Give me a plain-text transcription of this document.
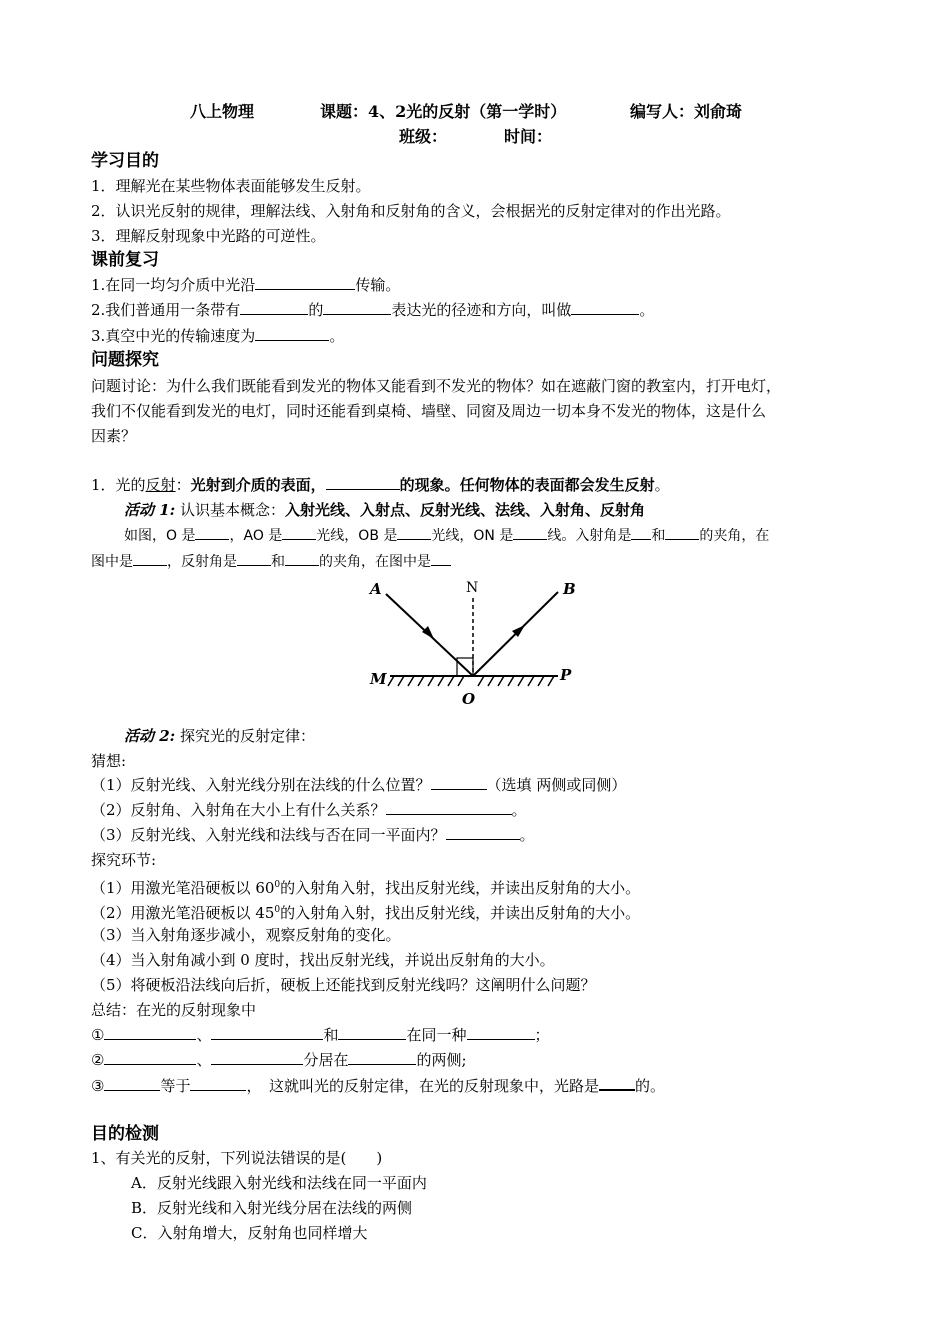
八上物理	课题：4、2光的反射（第一学时）	编写人：刘俞琦
班级：	时间：
学习目的
1．理解光在某些物体表面能够发生反射。
2．认识光反射的规律，理解法线、入射角和反射角的含义，会根据光的反射定律对的作出光路。
3．理解反射现象中光路的可逆性。
课前复习
1.在同一均匀介质中光沿	传输。
2.我们普通用一条带有	的	表达光的径迹和方向，叫做	。
3.真空中光的传输速度为	。
问题探究
问题讨论：为什么我们既能看到发光的物体又能看到不发光的物体？如在遮蔽门窗的教室内，打开电灯，
我们不仅能看到发光的电灯，同时还能看到桌椅、墙壁、同窗及周边一切本身不发光的物体，这是什么
因素？
1．光的反射：光射到介质的表面，	的现象。任何物体的表面都会发生反射。
活动 1: 认识基本概念：入射光线、入射点、反射光线、法线、入射角、反射角
如图，O 是 ，AO 是 光线，OB 是 光线，ON 是 线。入射角是 和 的夹角，在
图中是 ，反射角是 和 的夹角，在图中是
A	N	B
M
O
P
活动 2: 探究光的反射定律：
猜想:
（1）反射光线、入射光线分别在法线的什么位置？	（选填 两侧或同侧）
（2）反射角、入射角在大小上有什么关系？	。
（3）反射光线、入射光线和法线与否在同一平面内？	。
探究环节:
（1）用激光笔沿硬板以 $60^0$的入射角入射，找出反射光线，并读出反射角的大小。
（2）用激光笔沿硬板以 $45^0$的入射角入射，找出反射光线，并读出反射角的大小。
（3）当入射角逐步减小，观察反射角的变化。
（4）当入射角减小到 0 度时，找出反射光线，并说出反射角的大小。
（5）将硬板沿法线向后折，硬板上还能找到反射光线吗？这阐明什么问题？
总结：在光的反射现象中
①	、	和	在同一种	；
②	、	分居在	的两侧;
③	等于	，　这就叫光的反射定律，在光的反射现象中，光路是 的。
目的检测
1、有关光的反射，下列说法错误的是(　　)
A．反射光线跟入射光线和法线在同一平面内
B．反射光线和入射光线分居在法线的两侧
C．入射角增大，反射角也同样增大
